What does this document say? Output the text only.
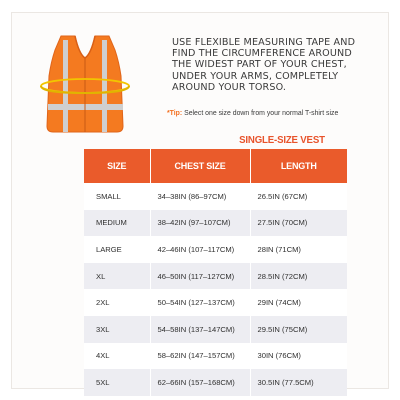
USE FLEXIBLE MEASURING TAPE AND
FIND THE CIRCUMFERENCE AROUND
THE WIDEST PART OF YOUR CHEST,
UNDER YOUR ARMS, COMPLETELY
AROUND YOUR TORSO.
*Tip: Select one size down from your normal T-shirt size
SINGLE-SIZE VEST
SIZE	CHEST SIZE	LENGTH
SMALL	34–38IN (86–97CM)	26.5IN (67CM)
MEDIUM	38–42IN (97–107CM)	27.5IN (70CM)
LARGE	42–46IN (107–117CM)	28IN (71CM)
XL	46–50IN (117–127CM)	28.5IN (72CM)
2XL	50–54IN (127–137CM)	29IN (74CM)
3XL	54–58IN (137–147CM)	29.5IN (75CM)
4XL	58–62IN (147–157CM)	30IN (76CM)
5XL	62–66IN (157–168CM)	30.5IN (77.5CM)
